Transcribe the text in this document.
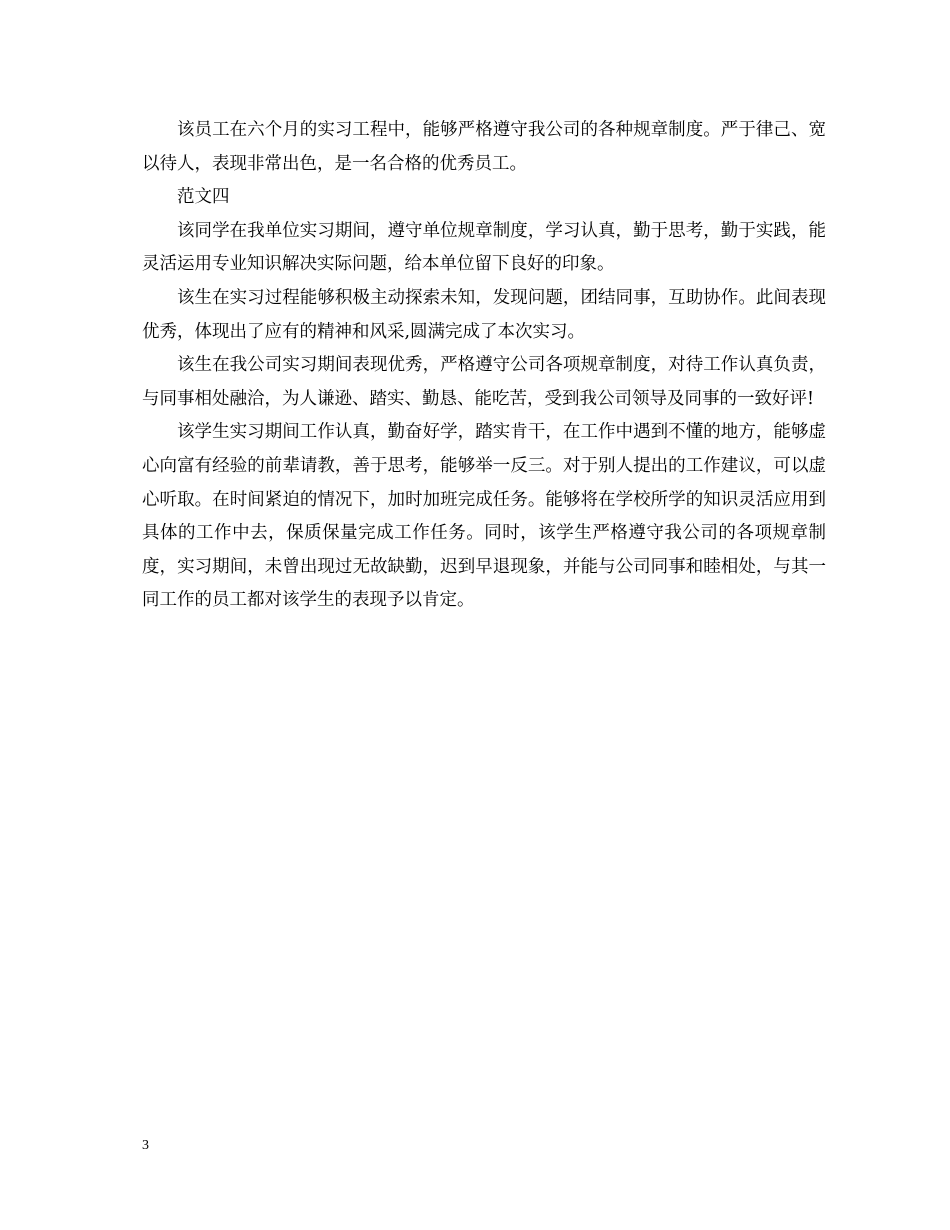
该员工在六个月的实习工程中，能够严格遵守我公司的各种规章制度。严于律己、宽以待人，表现非常出色，是一名合格的优秀员工。

范文四

该同学在我单位实习期间，遵守单位规章制度，学习认真，勤于思考，勤于实践，能灵活运用专业知识解决实际问题，给本单位留下良好的印象。

该生在实习过程能够积极主动探索未知，发现问题，团结同事，互助协作。此间表现优秀，体现出了应有的精神和风采,圆满完成了本次实习。

该生在我公司实习期间表现优秀，严格遵守公司各项规章制度，对待工作认真负责，与同事相处融洽，为人谦逊、踏实、勤恳、能吃苦，受到我公司领导及同事的一致好评!

该学生实习期间工作认真，勤奋好学，踏实肯干，在工作中遇到不懂的地方，能够虚心向富有经验的前辈请教，善于思考，能够举一反三。对于别人提出的工作建议，可以虚心听取。在时间紧迫的情况下，加时加班完成任务。能够将在学校所学的知识灵活应用到具体的工作中去，保质保量完成工作任务。同时，该学生严格遵守我公司的各项规章制度，实习期间，未曾出现过无故缺勤，迟到早退现象，并能与公司同事和睦相处，与其一同工作的员工都对该学生的表现予以肯定。

3
